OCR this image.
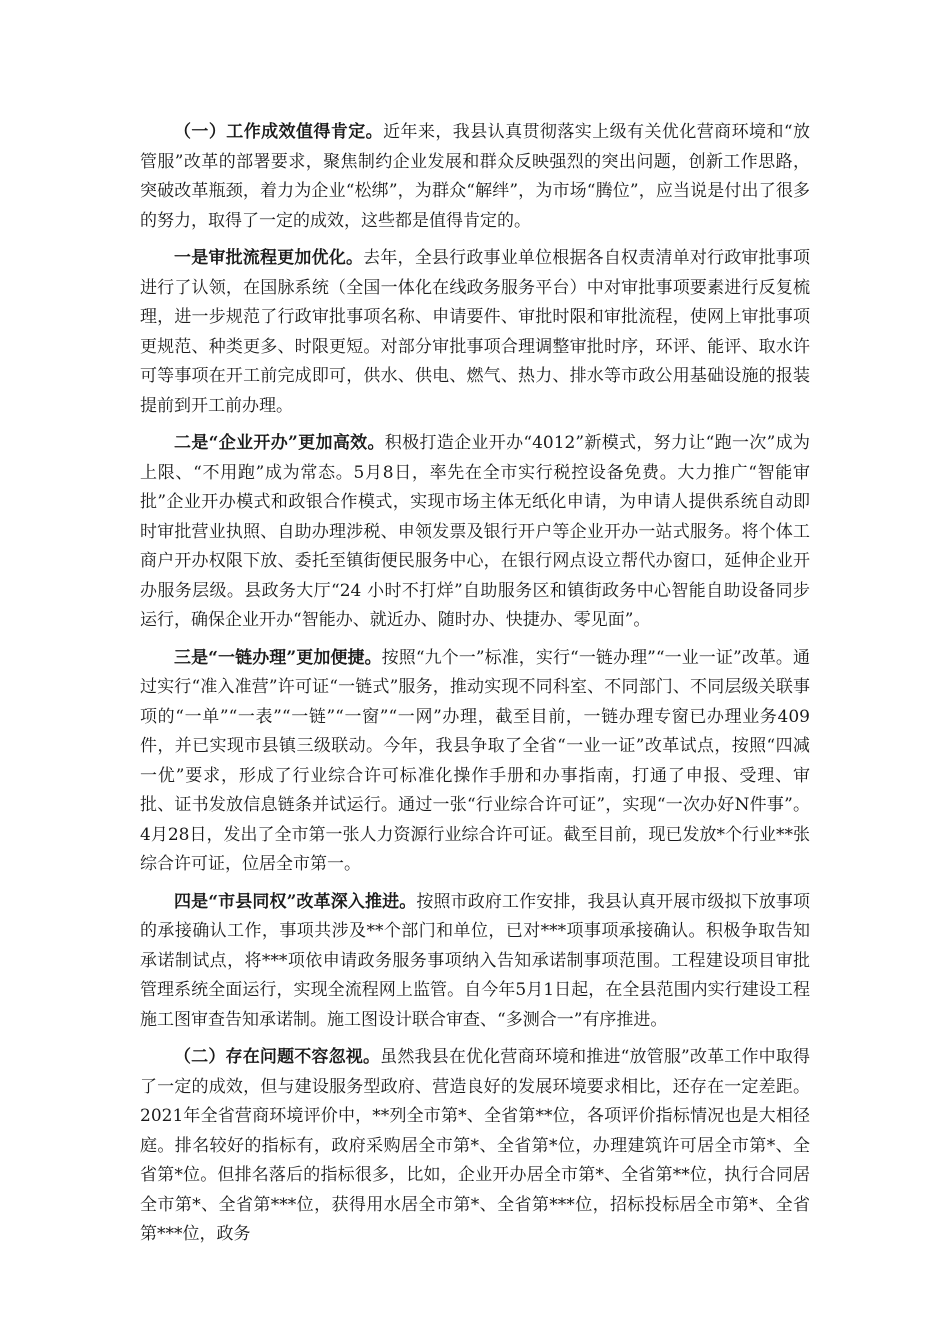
（一）工作成效值得肯定。近年来，我县认真贯彻落实上级有关优化营商环境和“放管服”改革的部署要求，聚焦制约企业发展和群众反映强烈的突出问题，创新工作思路，突破改革瓶颈，着力为企业“松绑”，为群众“解绊”，为市场“腾位”，应当说是付出了很多的努力，取得了一定的成效，这些都是值得肯定的。

一是审批流程更加优化。去年，全县行政事业单位根据各自权责清单对行政审批事项进行了认领，在国脉系统（全国一体化在线政务服务平台）中对审批事项要素进行反复梳理，进一步规范了行政审批事项名称、申请要件、审批时限和审批流程，使网上审批事项更规范、种类更多、时限更短。对部分审批事项合理调整审批时序，环评、能评、取水许可等事项在开工前完成即可，供水、供电、燃气、热力、排水等市政公用基础设施的报装提前到开工前办理。

二是“企业开办”更加高效。积极打造企业开办“4012”新模式，努力让“跑一次”成为上限、“不用跑”成为常态。5月8日，率先在全市实行税控设备免费。大力推广“智能审批”企业开办模式和政银合作模式，实现市场主体无纸化申请，为申请人提供系统自动即时审批营业执照、自助办理涉税、申领发票及银行开户等企业开办一站式服务。将个体工商户开办权限下放、委托至镇街便民服务中心，在银行网点设立帮代办窗口，延伸企业开办服务层级。县政务大厅“24 小时不打烊”自助服务区和镇街政务中心智能自助设备同步运行，确保企业开办“智能办、就近办、随时办、快捷办、零见面”。

三是“一链办理”更加便捷。按照“九个一”标准，实行“一链办理”“一业一证”改革。通过实行“准入准营”许可证“一链式”服务，推动实现不同科室、不同部门、不同层级关联事项的“一单”“一表”“一链”“一窗”“一网”办理，截至目前，一链办理专窗已办理业务409件，并已实现市县镇三级联动。今年，我县争取了全省“一业一证”改革试点，按照“四减一优”要求，形成了行业综合许可标准化操作手册和办事指南，打通了申报、受理、审批、证书发放信息链条并试运行。通过一张“行业综合许可证”，实现“一次办好N件事”。4月28日，发出了全市第一张人力资源行业综合许可证。截至目前，现已发放*个行业**张综合许可证，位居全市第一。

四是“市县同权”改革深入推进。按照市政府工作安排，我县认真开展市级拟下放事项的承接确认工作，事项共涉及**个部门和单位，已对***项事项承接确认。积极争取告知承诺制试点，将***项依申请政务服务事项纳入告知承诺制事项范围。工程建设项目审批管理系统全面运行，实现全流程网上监管。自今年5月1日起，在全县范围内实行建设工程施工图审查告知承诺制。施工图设计联合审查、“多测合一”有序推进。

（二）存在问题不容忽视。虽然我县在优化营商环境和推进“放管服”改革工作中取得了一定的成效，但与建设服务型政府、营造良好的发展环境要求相比，还存在一定差距。2021年全省营商环境评价中，**列全市第*、全省第**位，各项评价指标情况也是大相径庭。排名较好的指标有，政府采购居全市第*、全省第*位，办理建筑许可居全市第*、全省第*位。但排名落后的指标很多，比如，企业开办居全市第*、全省第**位，执行合同居全市第*、全省第***位，获得用水居全市第*、全省第***位，招标投标居全市第*、全省第***位，政务
